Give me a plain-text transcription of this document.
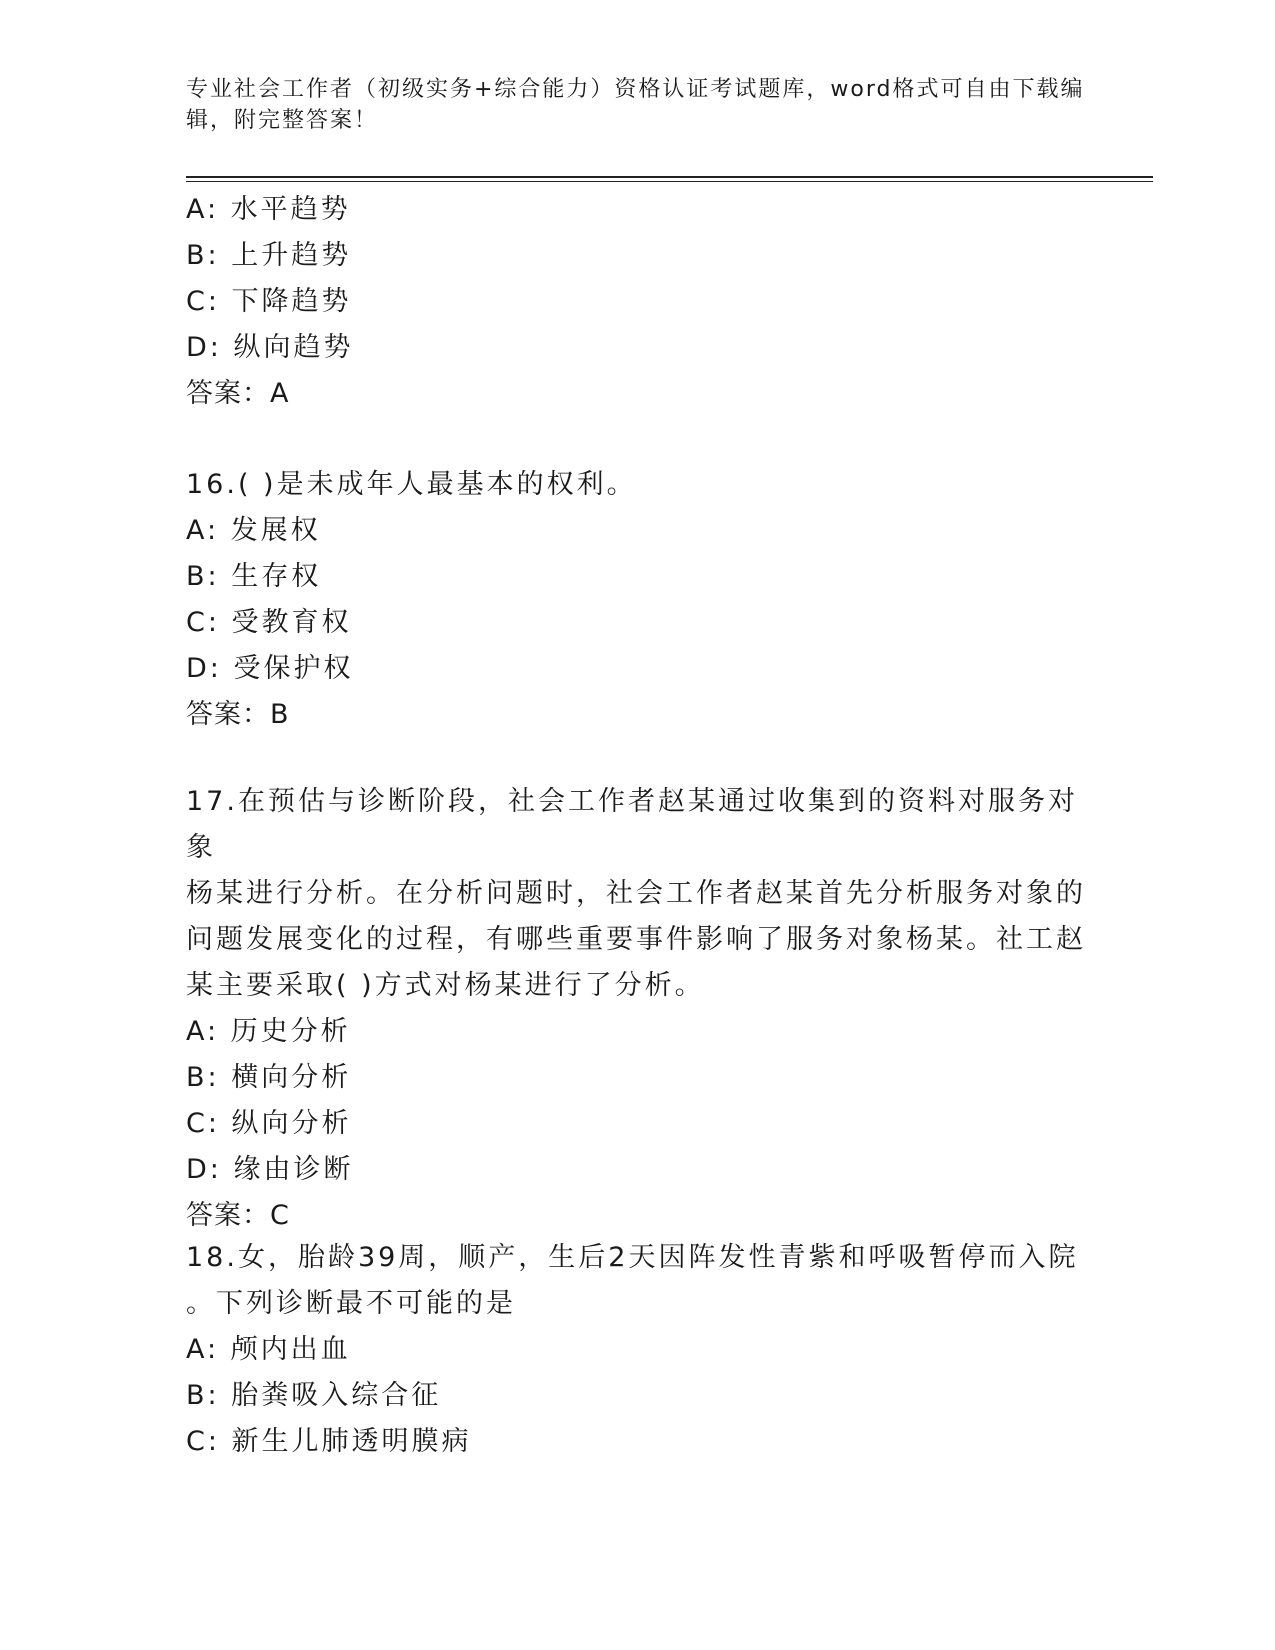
专业社会工作者（初级实务+综合能力）资格认证考试题库，word格式可自由下载编辑，附完整答案！
A: 水平趋势
B: 上升趋势
C: 下降趋势
D: 纵向趋势
答案：A
16.( )是未成年人最基本的权利。
A: 发展权
B: 生存权
C: 受教育权
D: 受保护权
答案：B
17.在预估与诊断阶段，社会工作者赵某通过收集到的资料对服务对象
杨某进行分析。在分析问题时，社会工作者赵某首先分析服务对象的
问题发展变化的过程，有哪些重要事件影响了服务对象杨某。社工赵
某主要采取( )方式对杨某进行了分析。
A: 历史分析
B: 横向分析
C: 纵向分析
D: 缘由诊断
答案：C
18.女，胎龄39周，顺产，生后2天因阵发性青紫和呼吸暂停而入院
。下列诊断最不可能的是
A: 颅内出血
B: 胎粪吸入综合征
C: 新生儿肺透明膜病
